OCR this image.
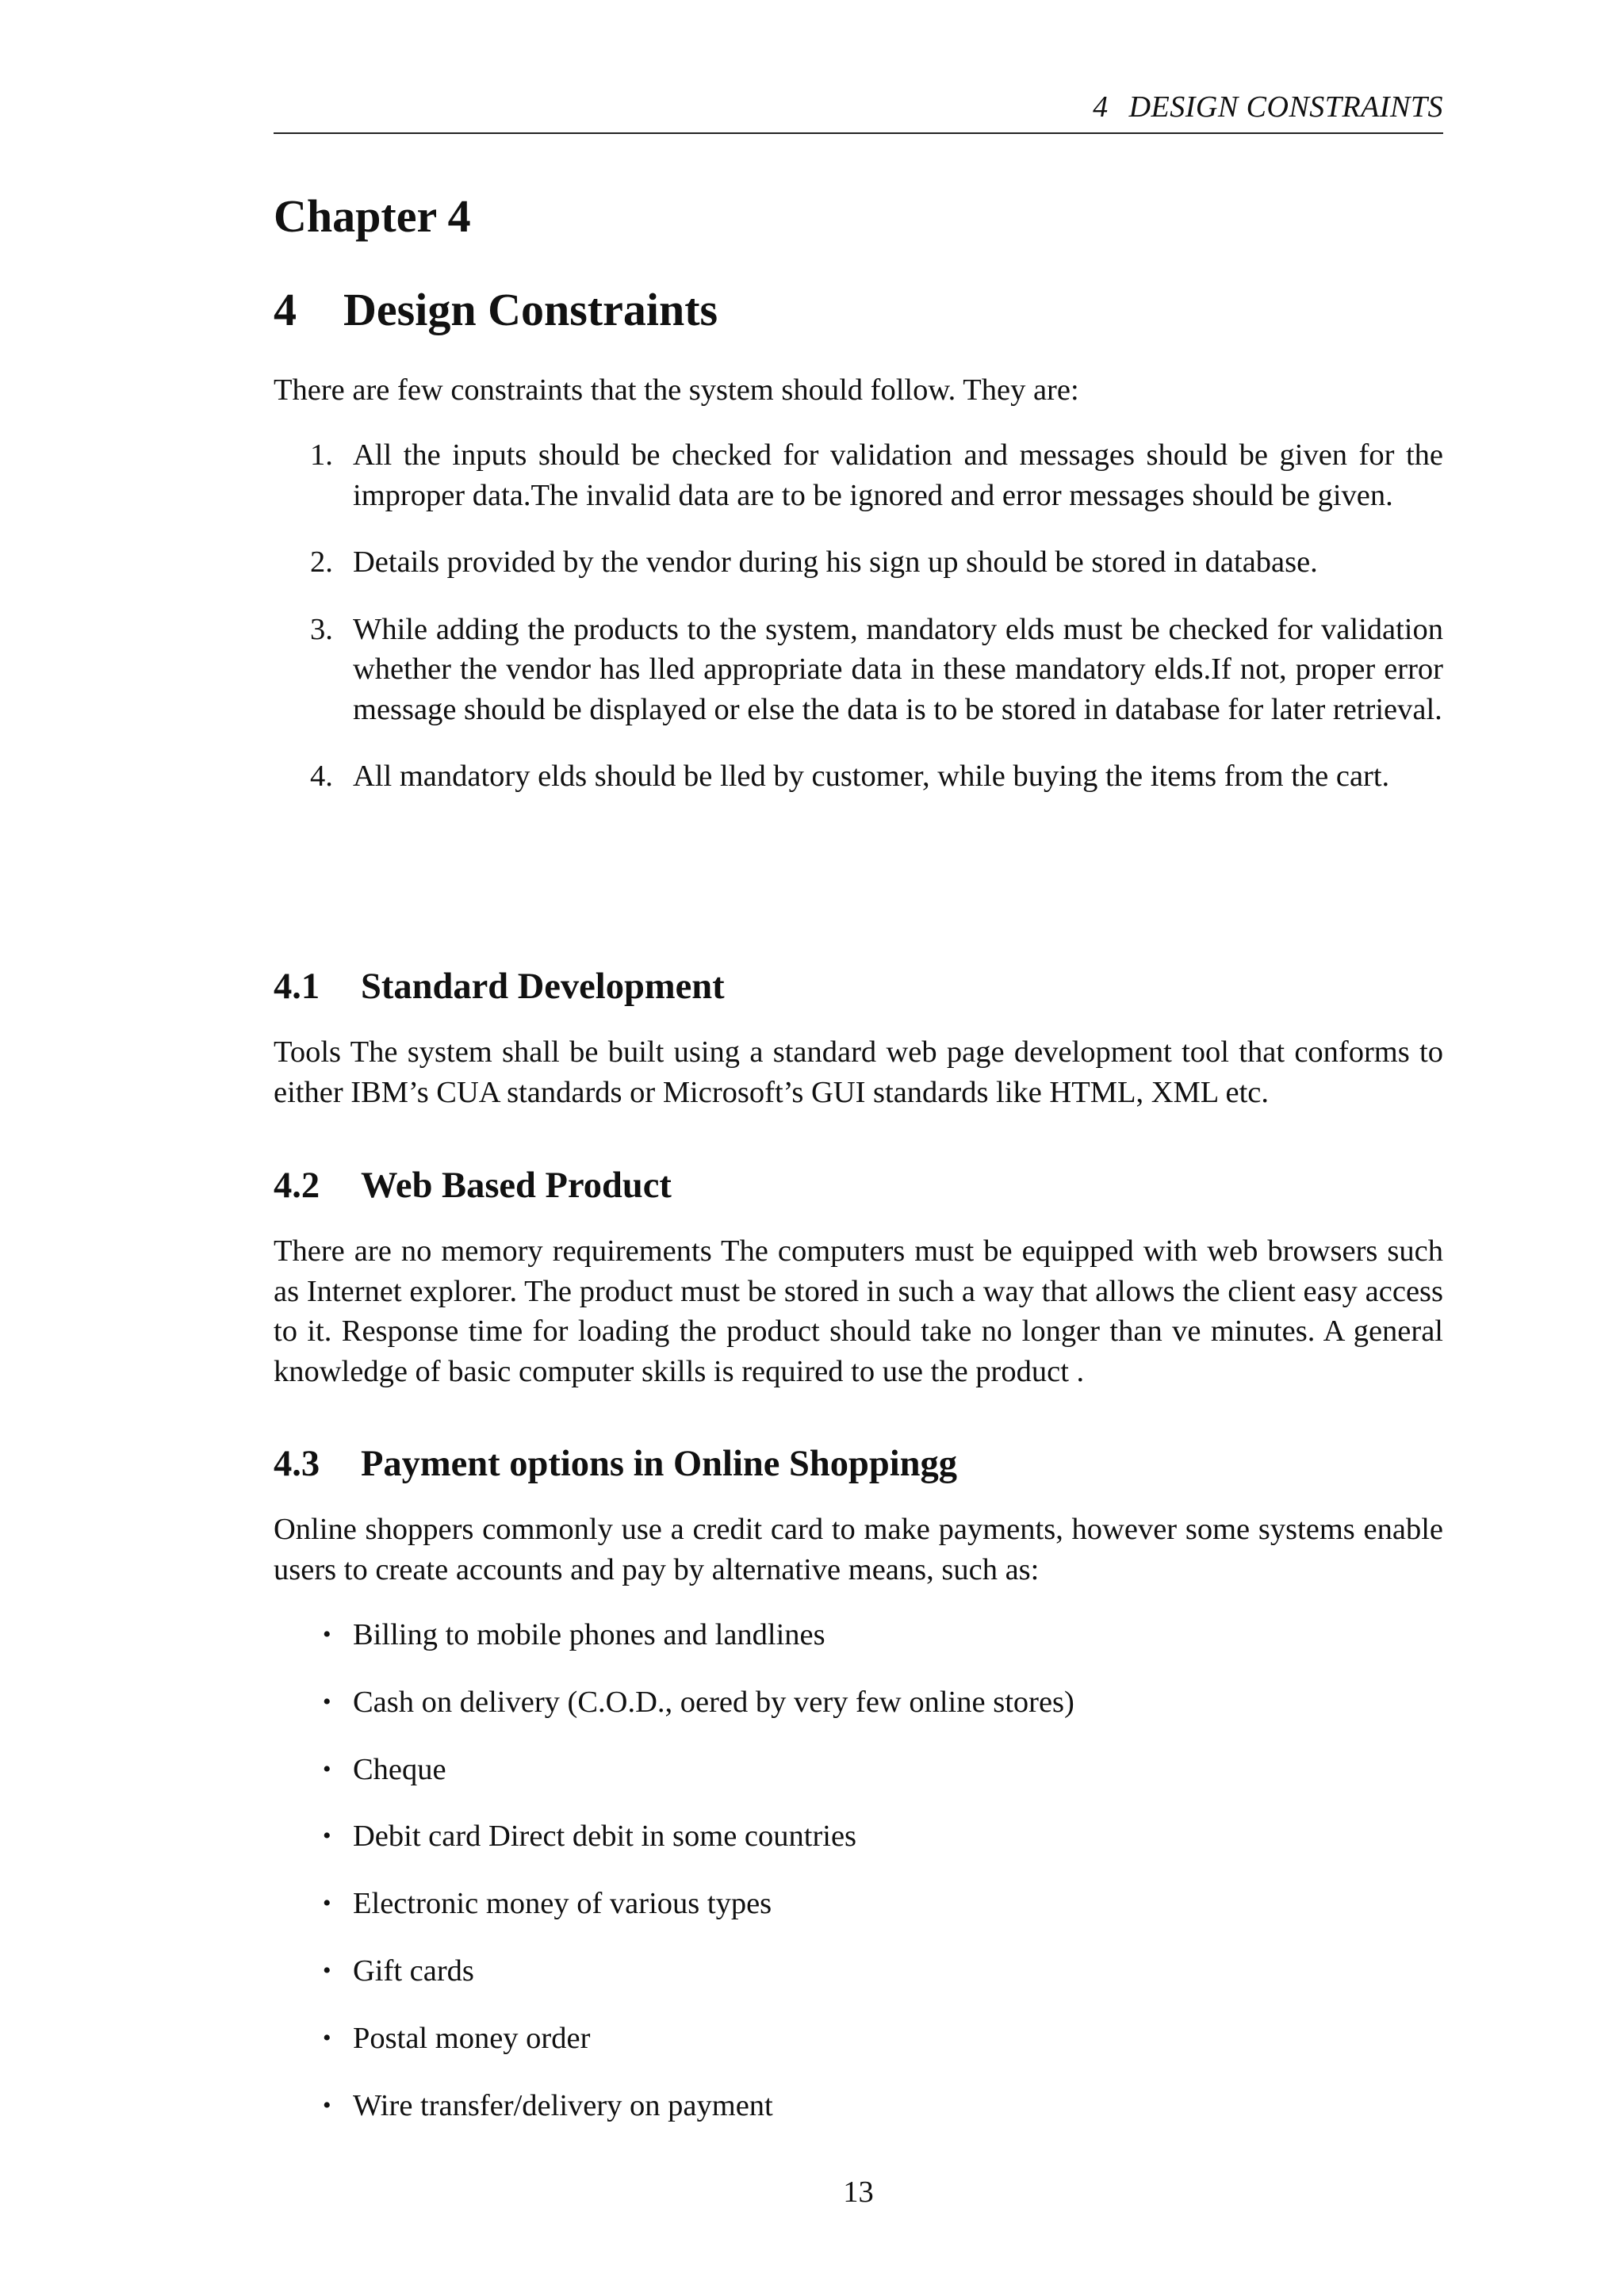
4 DESIGN CONSTRAINTS
Chapter 4
4 Design Constraints
There are few constraints that the system should follow. They are:
1. All the inputs should be checked for validation and messages should be given for the improper data.The invalid data are to be ignored and error messages should be given.
2. Details provided by the vendor during his sign up should be stored in database.
3. While adding the products to the system, mandatory elds must be checked for validation whether the vendor has lled appropriate data in these mandatory elds.If not, proper error message should be displayed or else the data is to be stored in database for later retrieval.
4. All mandatory elds should be lled by customer, while buying the items from the cart.
4.1 Standard Development
Tools The system shall be built using a standard web page development tool that conforms to either IBM’s CUA standards or Microsoft’s GUI standards like HTML, XML etc.
4.2 Web Based Product
There are no memory requirements The computers must be equipped with web browsers such as Internet explorer. The product must be stored in such a way that allows the client easy access to it. Response time for loading the product should take no longer than ve minutes. A general knowledge of basic computer skills is required to use the product .
4.3 Payment options in Online Shoppingg
Online shoppers commonly use a credit card to make payments, however some systems enable users to create accounts and pay by alternative means, such as:
• Billing to mobile phones and landlines
• Cash on delivery (C.O.D., oered by very few online stores)
• Cheque
• Debit card Direct debit in some countries
• Electronic money of various types
• Gift cards
• Postal money order
• Wire transfer/delivery on payment
13
